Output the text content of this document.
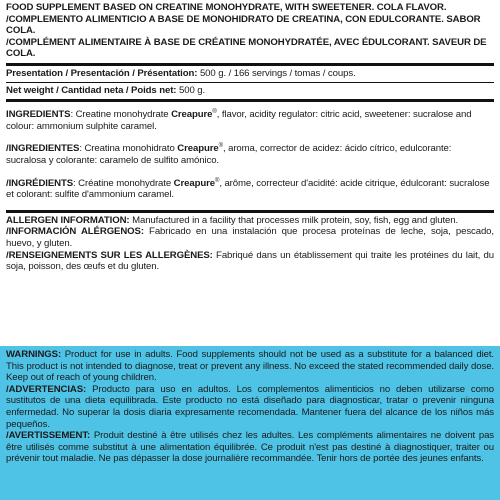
FOOD SUPPLEMENT BASED ON CREATINE MONOHYDRATE, WITH SWEETENER. COLA FLAVOR.

/COMPLEMENTO ALIMENTICIO A BASE DE MONOHIDRATO DE CREATINA, CON EDULCORANTE. SABOR COLA.

/COMPLÉMENT ALIMENTAIRE À BASE DE CRÉATINE MONOHYDRATÉE, AVEC ÉDULCORANT. SAVEUR DE COLA.

Presentation / Presentación / Présentation: 500 g. / 166 servings / tomas / coups.

Net weight / Cantidad neta / Poids net: 500 g.

INGREDIENTS: Creatine monohydrate Creapure®, flavor, acidity regulator: citric acid, sweetener: sucralose and colour: ammonium sulphite caramel.

/INGREDIENTES: Creatina monohidrato Creapure®, aroma, corrector de acidez: ácido cítrico, edulcorante: sucralosa y colorante: caramelo de sulfito amónico.

/INGRÉDIENTS: Créatine monohydrate Creapure®, arôme, correcteur d'acidité: acide citrique, édulcorant: sucralose et colorant: sulfite d'ammonium caramel.

ALLERGEN INFORMATION: Manufactured in a facility that processes milk protein, soy, fish, egg and gluten.

/INFORMACIÓN ALÉRGENOS: Fabricado en una instalación que procesa proteínas de leche, soja, pescado, huevo, y gluten.

/RENSEIGNEMENTS SUR LES ALLERGÈNES: Fabriqué dans un établissement qui traite les protéines du lait, du soja, poisson, des œufs et du gluten.

WARNINGS: Product for use in adults. Food supplements should not be used as a substitute for a balanced diet. This product is not intended to diagnose, treat or prevent any illness. No exceed the stated recommended daily dose. Keep out of reach of young children.

/ADVERTENCIAS: Producto para uso en adultos. Los complementos alimenticios no deben utilizarse como sustitutos de una dieta equilibrada. Este producto no está diseñado para diagnosticar, tratar o prevenir ninguna enfermedad. No superar la dosis diaria expresamente recomendada. Mantener fuera del alcance de los niños más pequeños.

/AVERTISSEMENT: Produit destiné à être utilisés chez les adultes. Les compléments alimentaires ne doivent pas être utilisés comme substitut à une alimentation équilibrée. Ce produit n'est pas destiné à diagnostiquer, traiter ou prévenir tout maladie. Ne pas dépasser la dose journalière recommandée. Tenir hors de portée des jeunes enfants.
